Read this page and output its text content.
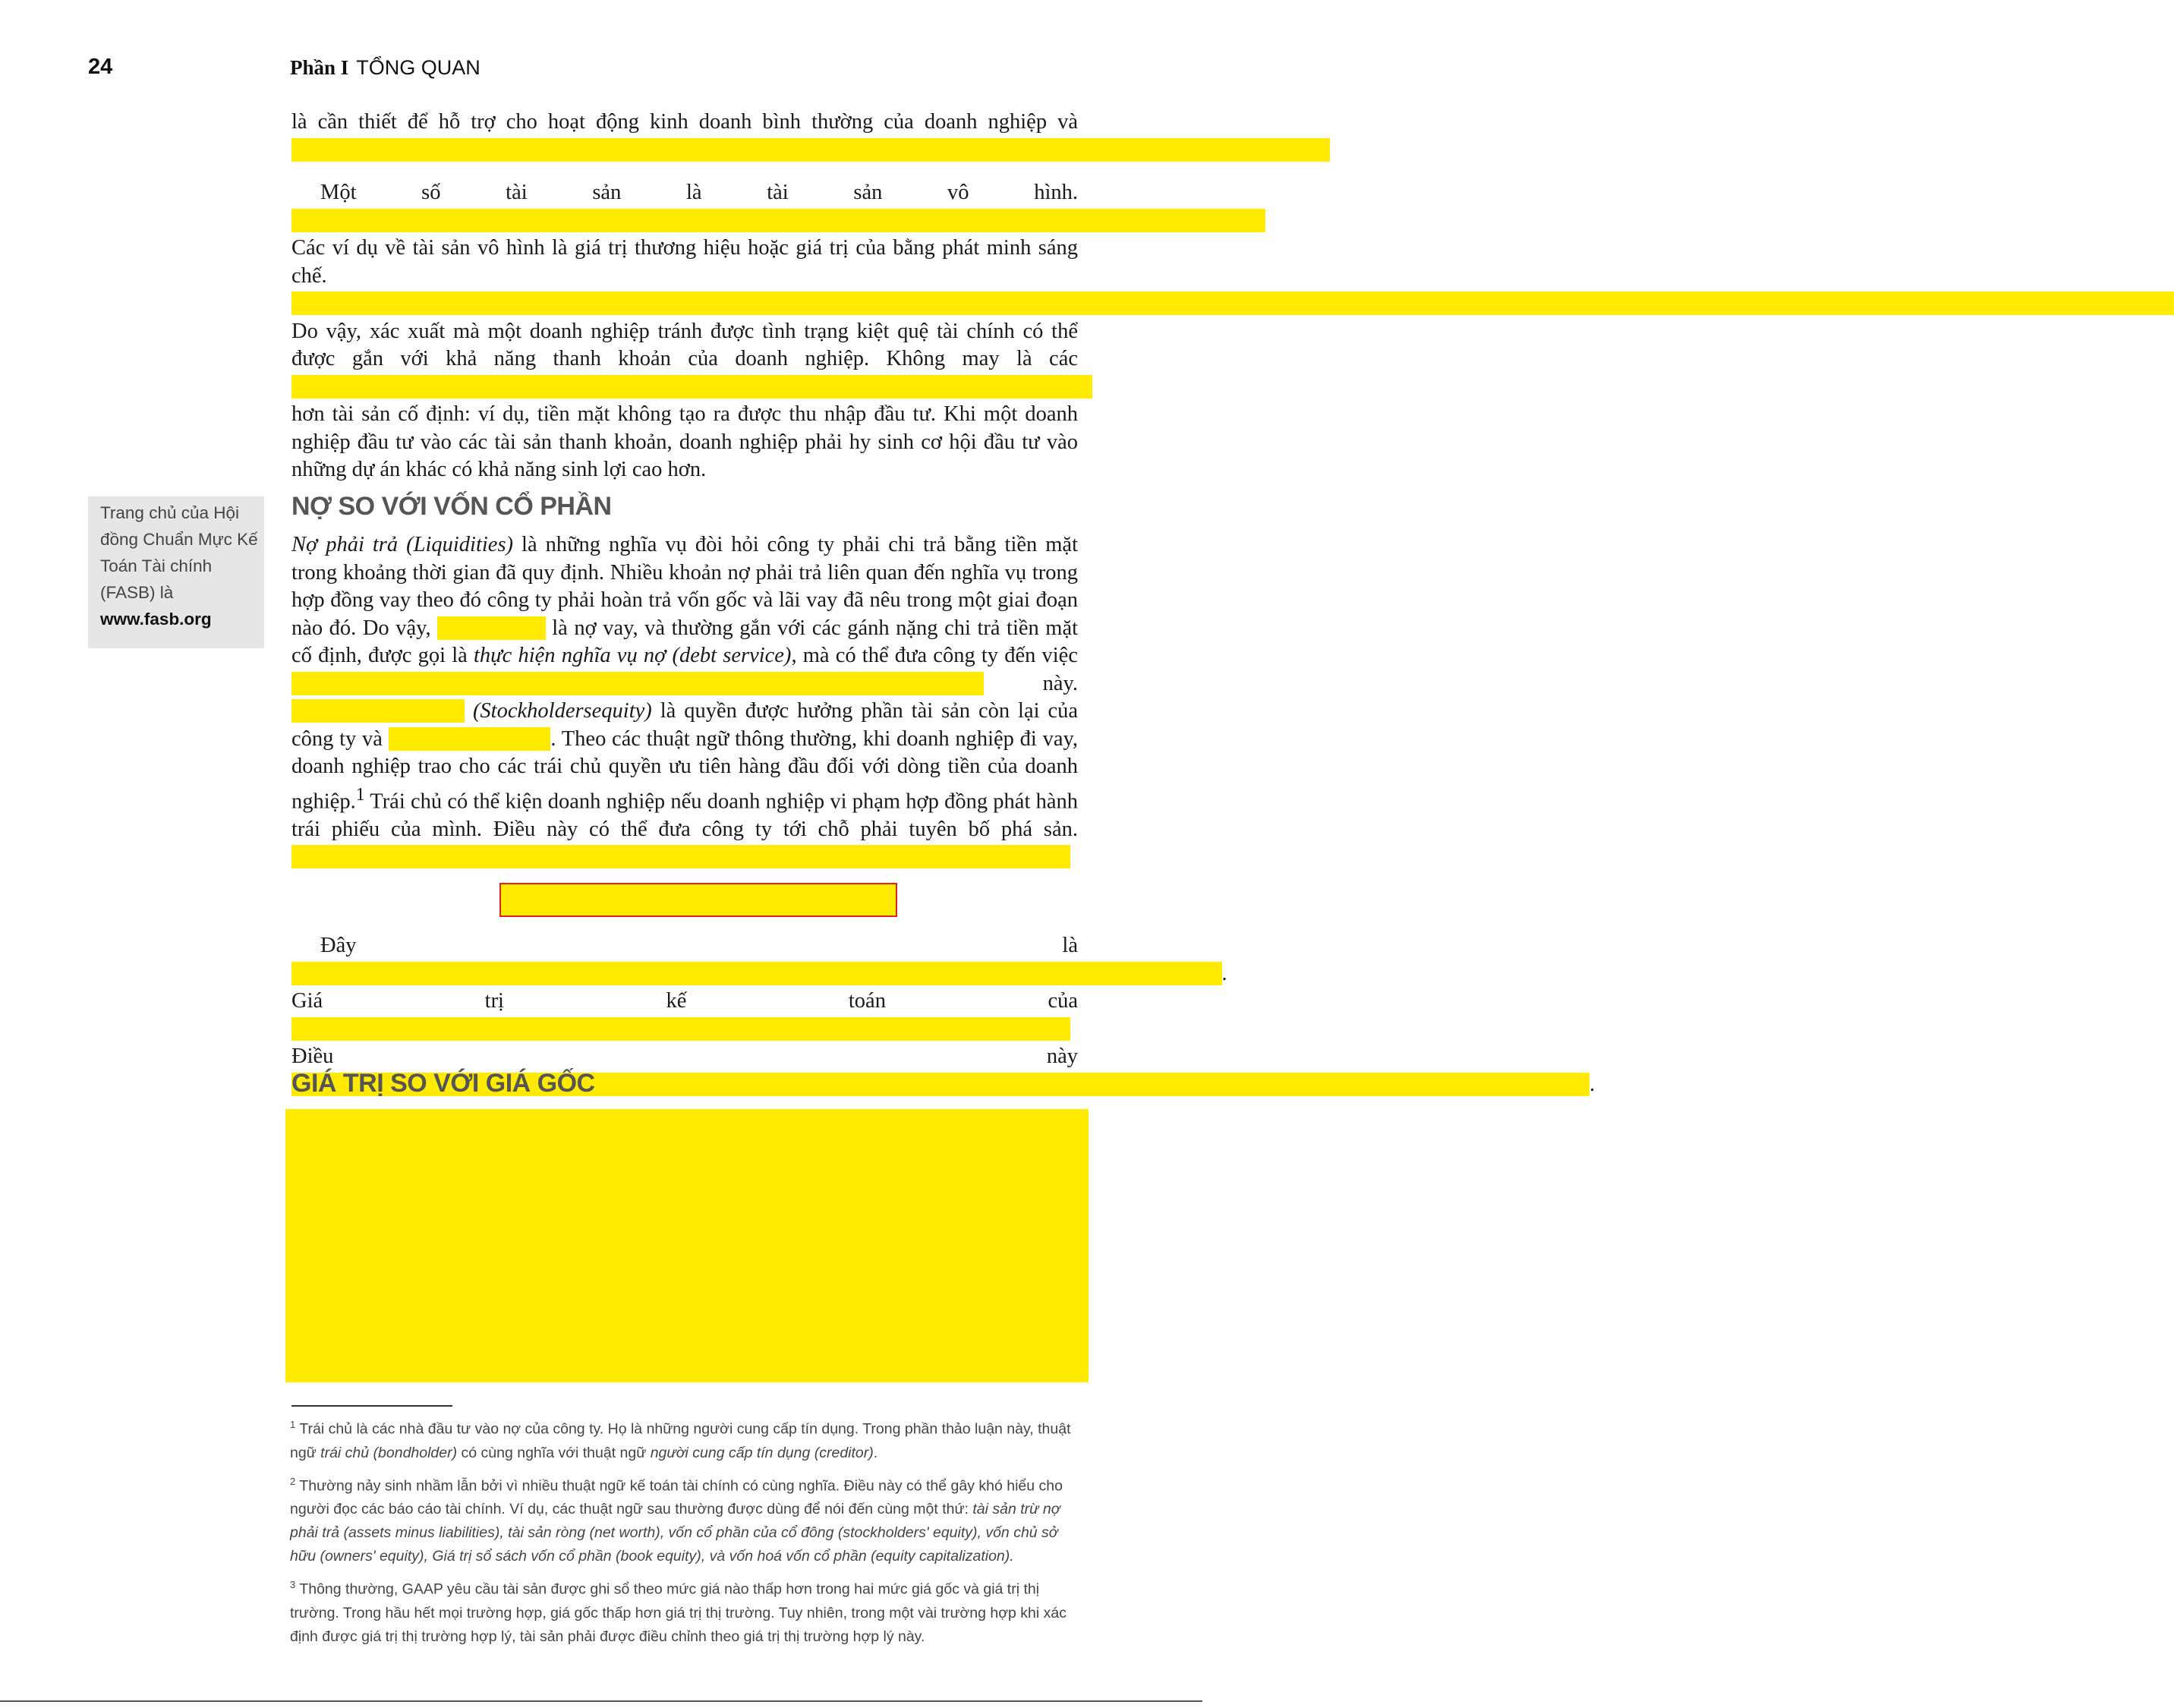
24	Phần I TỔNG QUAN

là cần thiết để hỗ trợ cho hoạt động kinh doanh bình thường của doanh nghiệp và

Một số tài sản là tài sản vô hình. Các ví dụ về tài sản vô hình là giá trị thương hiệu hoặc giá trị của bằng phát minh sáng chế. Do vậy, xác xuất mà một doanh nghiệp tránh được tình trạng kiệt quệ tài chính có thể được gắn với khả năng thanh khoản của doanh nghiệp. Không may là các hơn tài sản cố định: ví dụ, tiền mặt không tạo ra được thu nhập đầu tư. Khi một doanh nghiệp đầu tư vào các tài sản thanh khoản, doanh nghiệp phải hy sinh cơ hội đầu tư vào những dự án khác có khả năng sinh lợi cao hơn.

Trang chủ của Hội đồng Chuẩn Mực Kế Toán Tài chính (FASB) là
www.fasb.org
NỢ SO VỚI VỐN CỔ PHẦN

Nợ phải trả (Liquidities) là những nghĩa vụ đòi hỏi công ty phải chi trả bằng tiền mặt trong khoảng thời gian đã quy định. Nhiều khoản nợ phải trả liên quan đến nghĩa vụ trong hợp đồng vay theo đó công ty phải hoàn trả vốn gốc và lãi vay đã nêu trong một giai đoạn nào đó. Do vậy,	là nợ vay, và thường gắn với các gánh nặng chi trả tiền mặt cố định, được gọi là thực hiện nghĩa vụ nợ (debt service), mà có thể đưa công ty đến việc này. (Stockholdersequity) là quyền được hưởng phần tài sản còn lại của công ty và	. Theo các thuật ngữ thông thường, khi doanh nghiệp đi vay, doanh nghiệp trao cho các trái chủ quyền ưu tiên hàng đầu đối với dòng tiền của doanh nghiệp.$^1$ Trái chủ có thể kiện doanh nghiệp nếu doanh nghiệp vi phạm hợp đồng phát hành trái phiếu của mình. Điều này có thể đưa công ty tới chỗ phải tuyên bố phá sản.

Đây là . Giá trị kế toán của Điều này .

GIÁ TRỊ SO VỚI GIÁ GỐC

$^1$ Trái chủ là các nhà đầu tư vào nợ của công ty. Họ là những người cung cấp tín dụng. Trong phần thảo luận này, thuật ngữ trái chủ (bondholder) có cùng nghĩa với thuật ngữ người cung cấp tín dụng (creditor).

$^2$ Thường nảy sinh nhầm lẫn bởi vì nhiều thuật ngữ kế toán tài chính có cùng nghĩa. Điều này có thể gây khó hiểu cho người đọc các báo cáo tài chính. Ví dụ, các thuật ngữ sau thường được dùng để nói đến cùng một thứ: tài sản trừ nợ phải trả (assets minus liabilities), tài sản ròng (net worth), vốn cổ phần của cổ đông (stockholders' equity), vốn chủ sở hữu (owners' equity), Giá trị sổ sách vốn cổ phần (book equity), và vốn hoá vốn cổ phần (equity capitalization).

$^3$ Thông thường, GAAP yêu cầu tài sản được ghi sổ theo mức giá nào thấp hơn trong hai mức giá gốc và giá trị thị trường. Trong hầu hết mọi trường hợp, giá gốc thấp hơn giá trị thị trường. Tuy nhiên, trong một vài trường hợp khi xác định được giá trị thị trường hợp lý, tài sản phải được điều chỉnh theo giá trị thị trường hợp lý này.
